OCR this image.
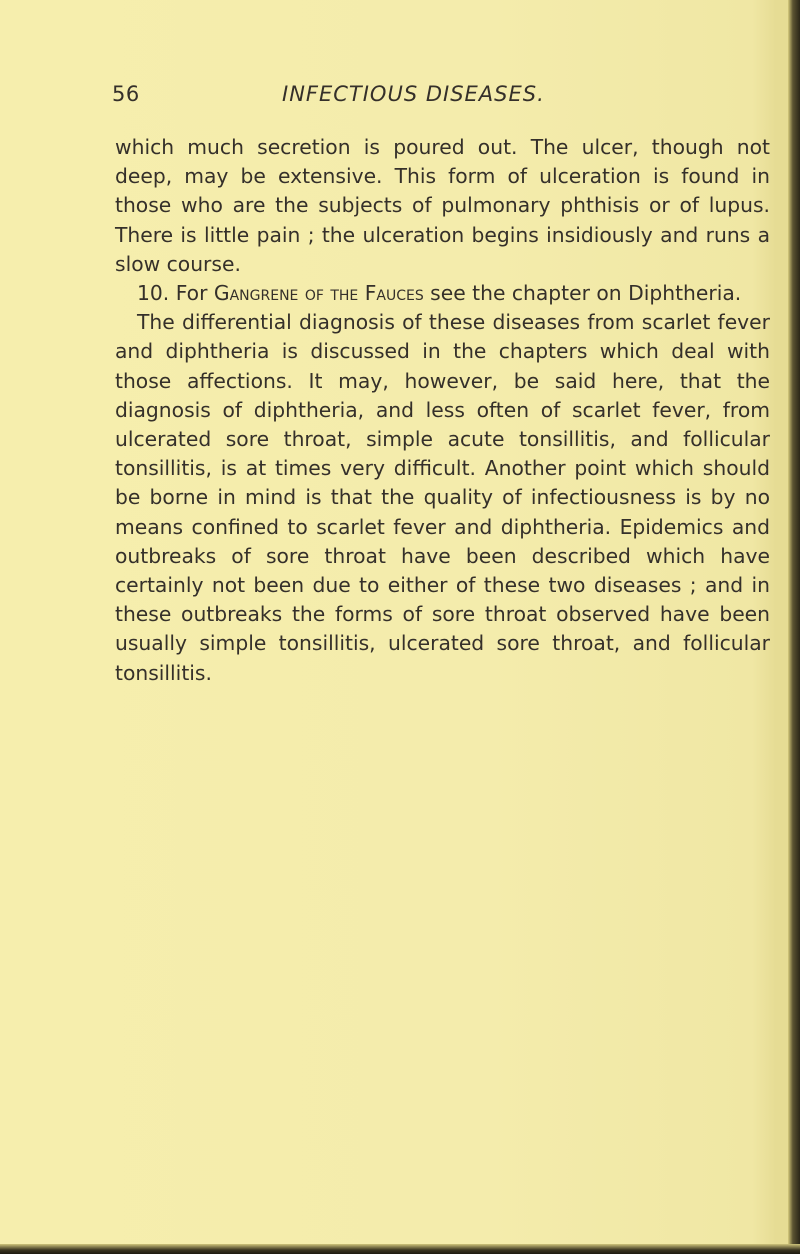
56	INFECTIOUS DISEASES.

which much secretion is poured out. The ulcer, though not deep, may be extensive. This form of ulceration is found in those who are the subjects of pulmonary phthisis or of lupus. There is little pain ; the ulceration begins insidiously and runs a slow course.

10. For Gangrene of the Fauces see the chapter on Diphtheria.

The differential diagnosis of these diseases from scarlet fever and diphtheria is discussed in the chapters which deal with those affections. It may, however, be said here, that the diagnosis of diphtheria, and less often of scarlet fever, from ulcerated sore throat, simple acute tonsillitis, and follicular tonsillitis, is at times very difficult. Another point which should be borne in mind is that the quality of infectiousness is by no means confined to scarlet fever and diphtheria. Epidemics and outbreaks of sore throat have been described which have certainly not been due to either of these two diseases ; and in these outbreaks the forms of sore throat observed have been usually simple tonsillitis, ulcerated sore throat, and follicular tonsillitis.
